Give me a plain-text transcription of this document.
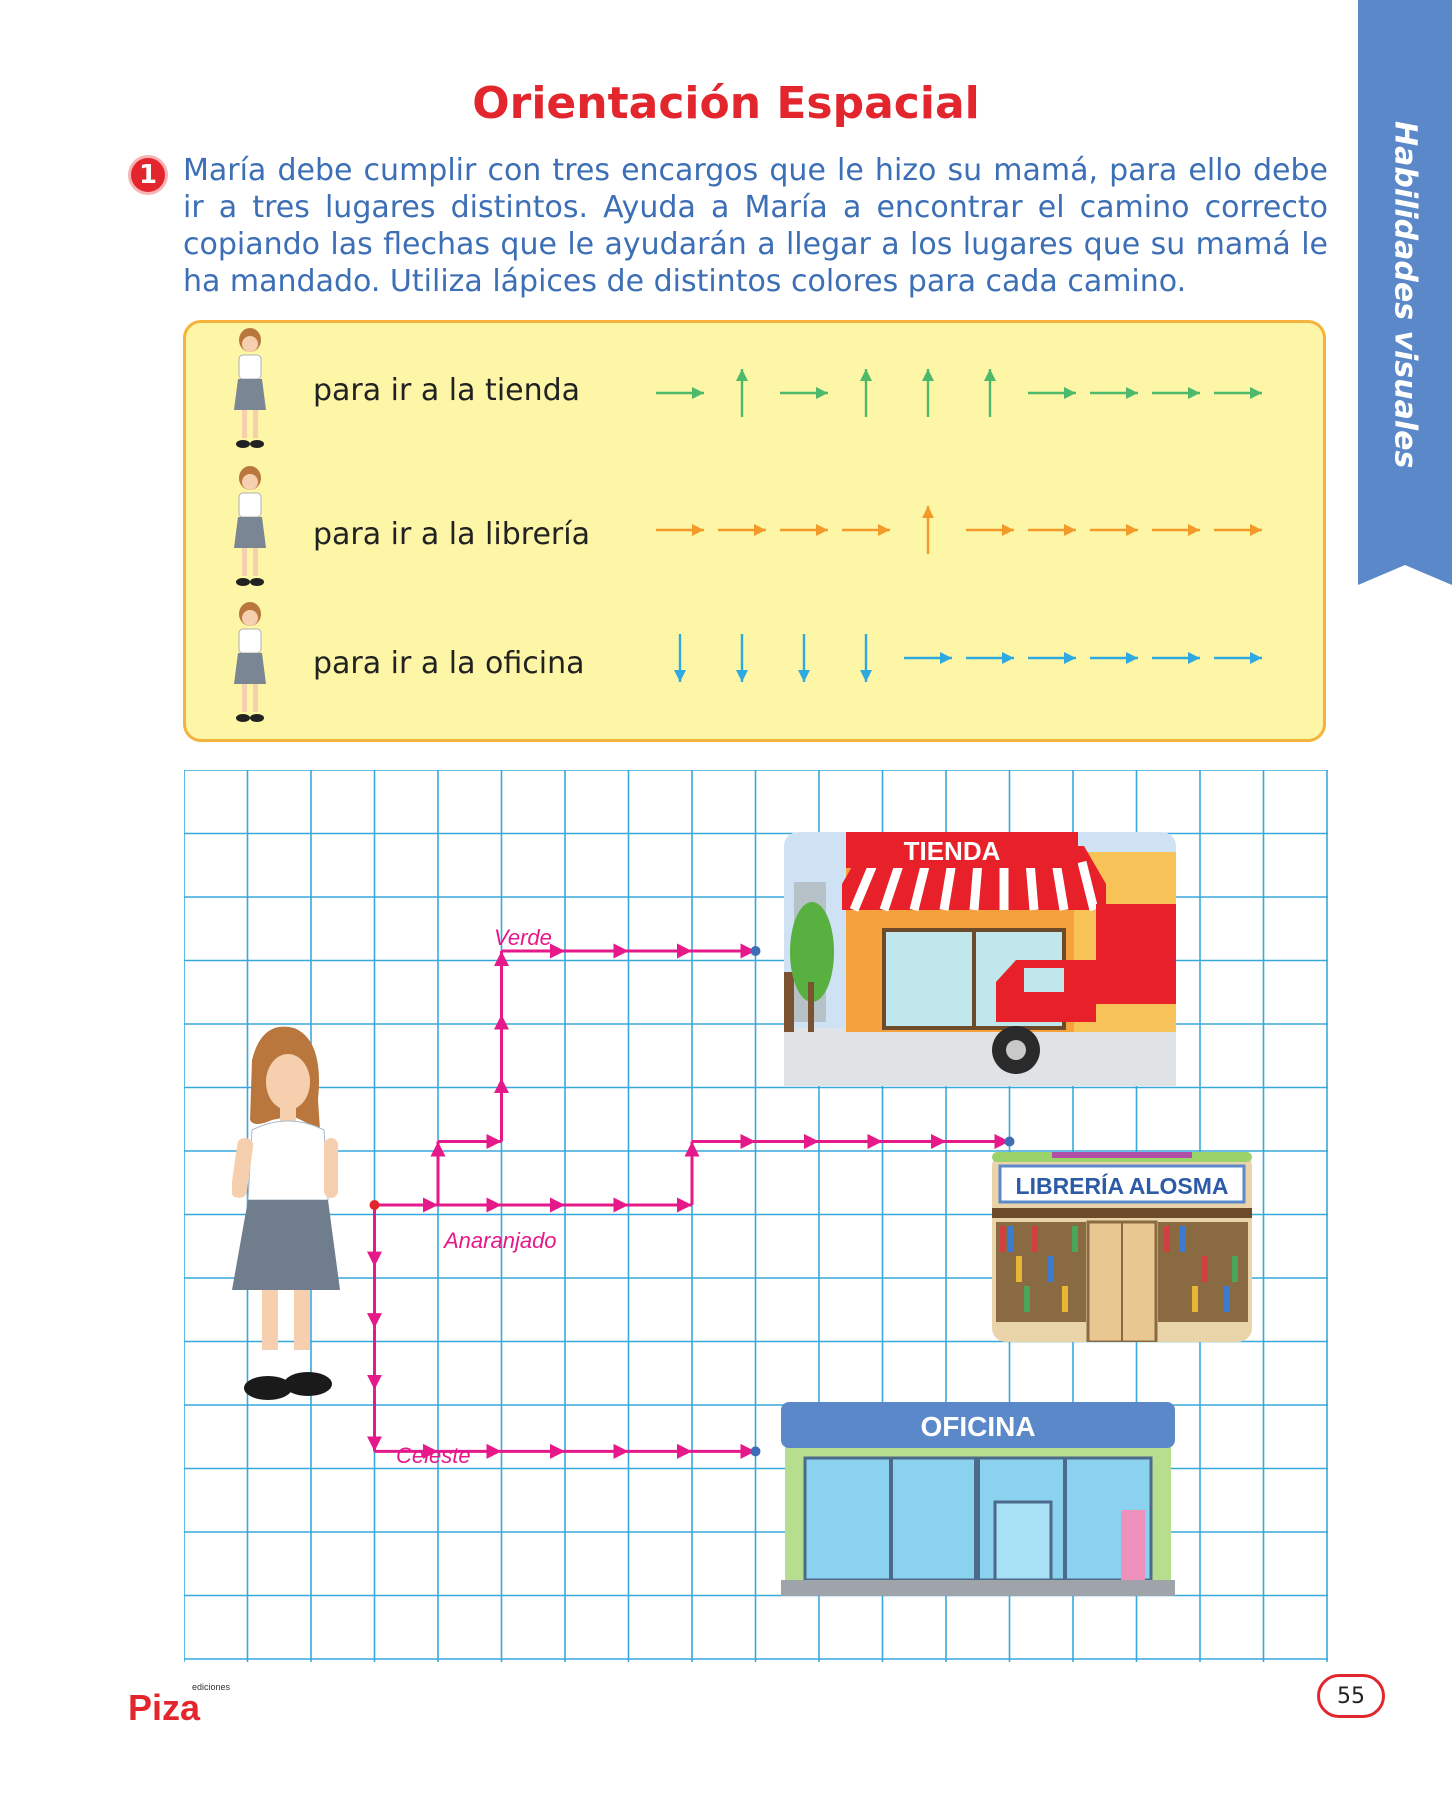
Habilidades visuales
Orientación Espacial
1 María debe cumplir con tres encargos que le hizo su mamá, para ello debe ir a tres lugares distintos. Ayuda a María a encontrar el camino correcto copiando las flechas que le ayudarán a llegar a los lugares que su mamá le ha mandado. Utiliza lápices de distintos colores para cada camino.

para ir a la tienda
para ir a la librería
para ir a la oficina
Verde
Anaranjado
Celeste
TIENDA
LIBRERÍA ALOSMA
OFICINA
ediciones
Piza	55
